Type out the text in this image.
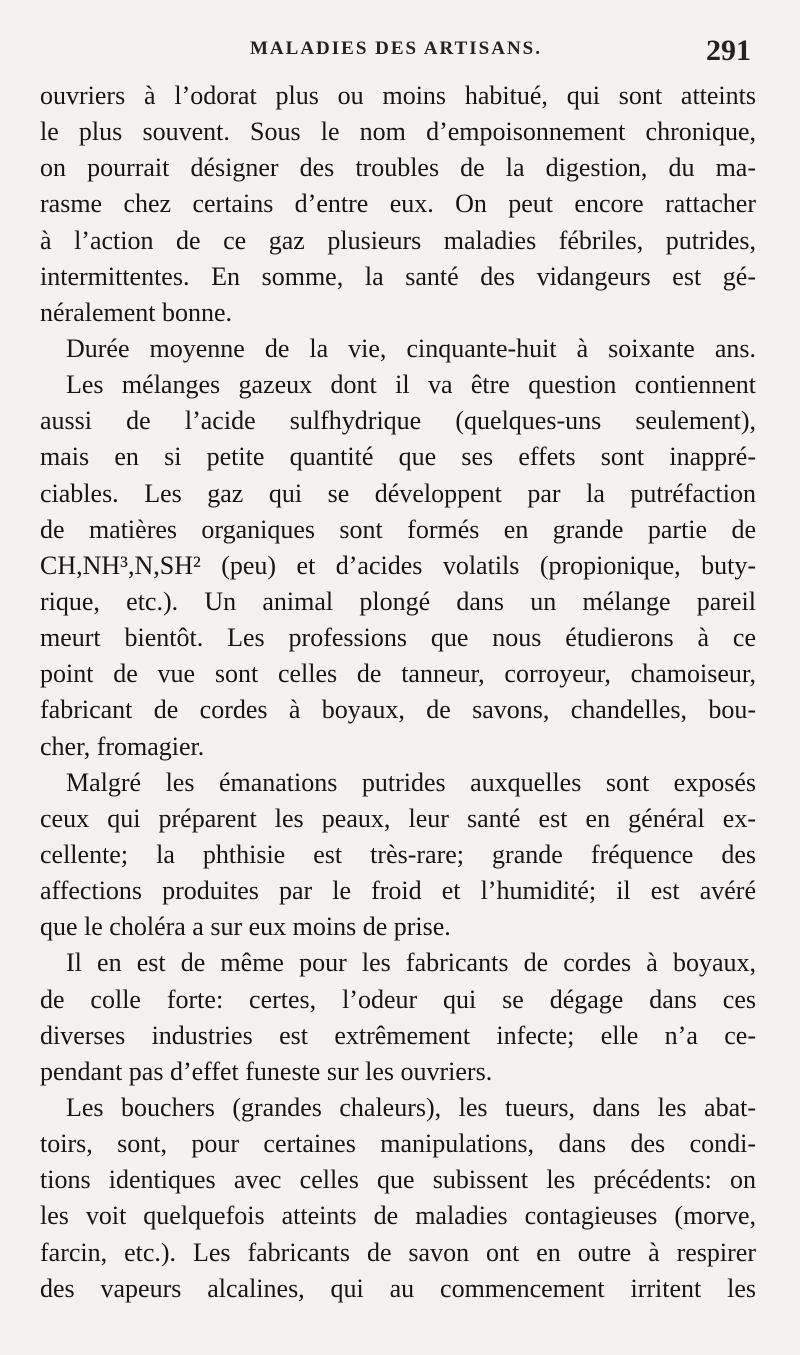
MALADIES DES ARTISANS.	291
ouvriers à l’odorat plus ou moins habitué, qui sont atteints
le plus souvent. Sous le nom d’empoisonnement chronique,
on pourrait désigner des troubles de la digestion, du ma-
rasme chez certains d’entre eux. On peut encore rattacher
à l’action de ce gaz plusieurs maladies fébriles, putrides,
intermittentes. En somme, la santé des vidangeurs est gé-
néralement bonne.
Durée moyenne de la vie, cinquante-huit à soixante ans.
Les mélanges gazeux dont il va être question contiennent
aussi de l’acide sulfhydrique (quelques-uns seulement),
mais en si petite quantité que ses effets sont inappré-
ciables. Les gaz qui se développent par la putréfaction
de matières organiques sont formés en grande partie de
CH,NH³,N,SH² (peu) et d’acides volatils (propionique, buty-
rique, etc.). Un animal plongé dans un mélange pareil
meurt bientôt. Les professions que nous étudierons à ce
point de vue sont celles de tanneur, corroyeur, chamoiseur,
fabricant de cordes à boyaux, de savons, chandelles, bou-
cher, fromagier.
Malgré les émanations putrides auxquelles sont exposés
ceux qui préparent les peaux, leur santé est en général ex-
cellente; la phthisie est très-rare; grande fréquence des
affections produites par le froid et l’humidité; il est avéré
que le choléra a sur eux moins de prise.
Il en est de même pour les fabricants de cordes à boyaux,
de colle forte: certes, l’odeur qui se dégage dans ces
diverses industries est extrêmement infecte; elle n’a ce-
pendant pas d’effet funeste sur les ouvriers.
Les bouchers (grandes chaleurs), les tueurs, dans les abat-
toirs, sont, pour certaines manipulations, dans des condi-
tions identiques avec celles que subissent les précédents: on
les voit quelquefois atteints de maladies contagieuses (morve,
farcin, etc.). Les fabricants de savon ont en outre à respirer
des vapeurs alcalines, qui au commencement irritent les
